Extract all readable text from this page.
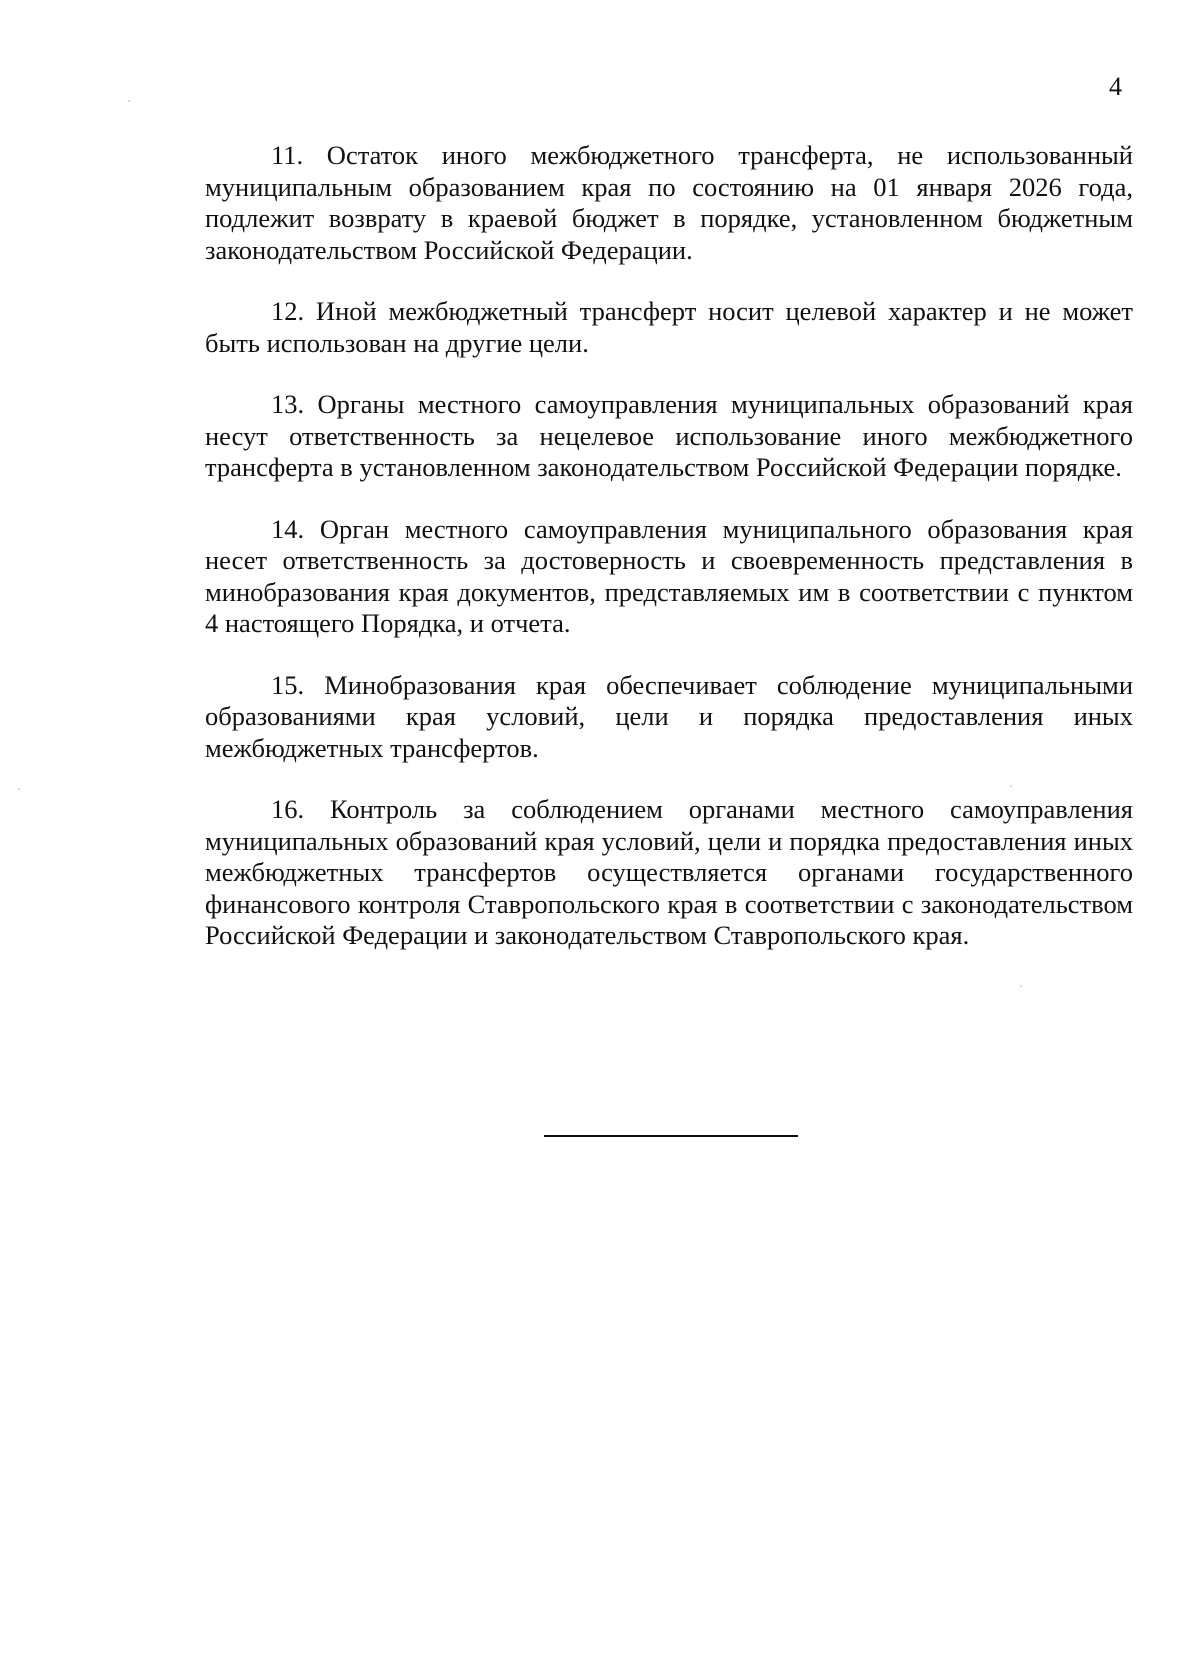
4

11. Остаток иного межбюджетного трансферта, не использованный муниципальным образованием края по состоянию на 01 января 2026 года, подлежит возврату в краевой бюджет в порядке, установленном бюджетным законодательством Российской Федерации.

12. Иной межбюджетный трансферт носит целевой характер и не может быть использован на другие цели.

13. Органы местного самоуправления муниципальных образований края несут ответственность за нецелевое использование иного межбюджетного трансферта в установленном законодательством Российской Федерации порядке.

14. Орган местного самоуправления муниципального образования края несет ответственность за достоверность и своевременность представления в минобразования края документов, представляемых им в соответствии с пунктом 4 настоящего Порядка, и отчета.

15. Минобразования края обеспечивает соблюдение муниципальными образованиями края условий, цели и порядка предоставления иных межбюджетных трансфертов.

16. Контроль за соблюдением органами местного самоуправления муниципальных образований края условий, цели и порядка предоставления иных межбюджетных трансфертов осуществляется органами государственного финансового контроля Ставропольского края в соответствии с законодательством Российской Федерации и законодательством Ставропольского края.
